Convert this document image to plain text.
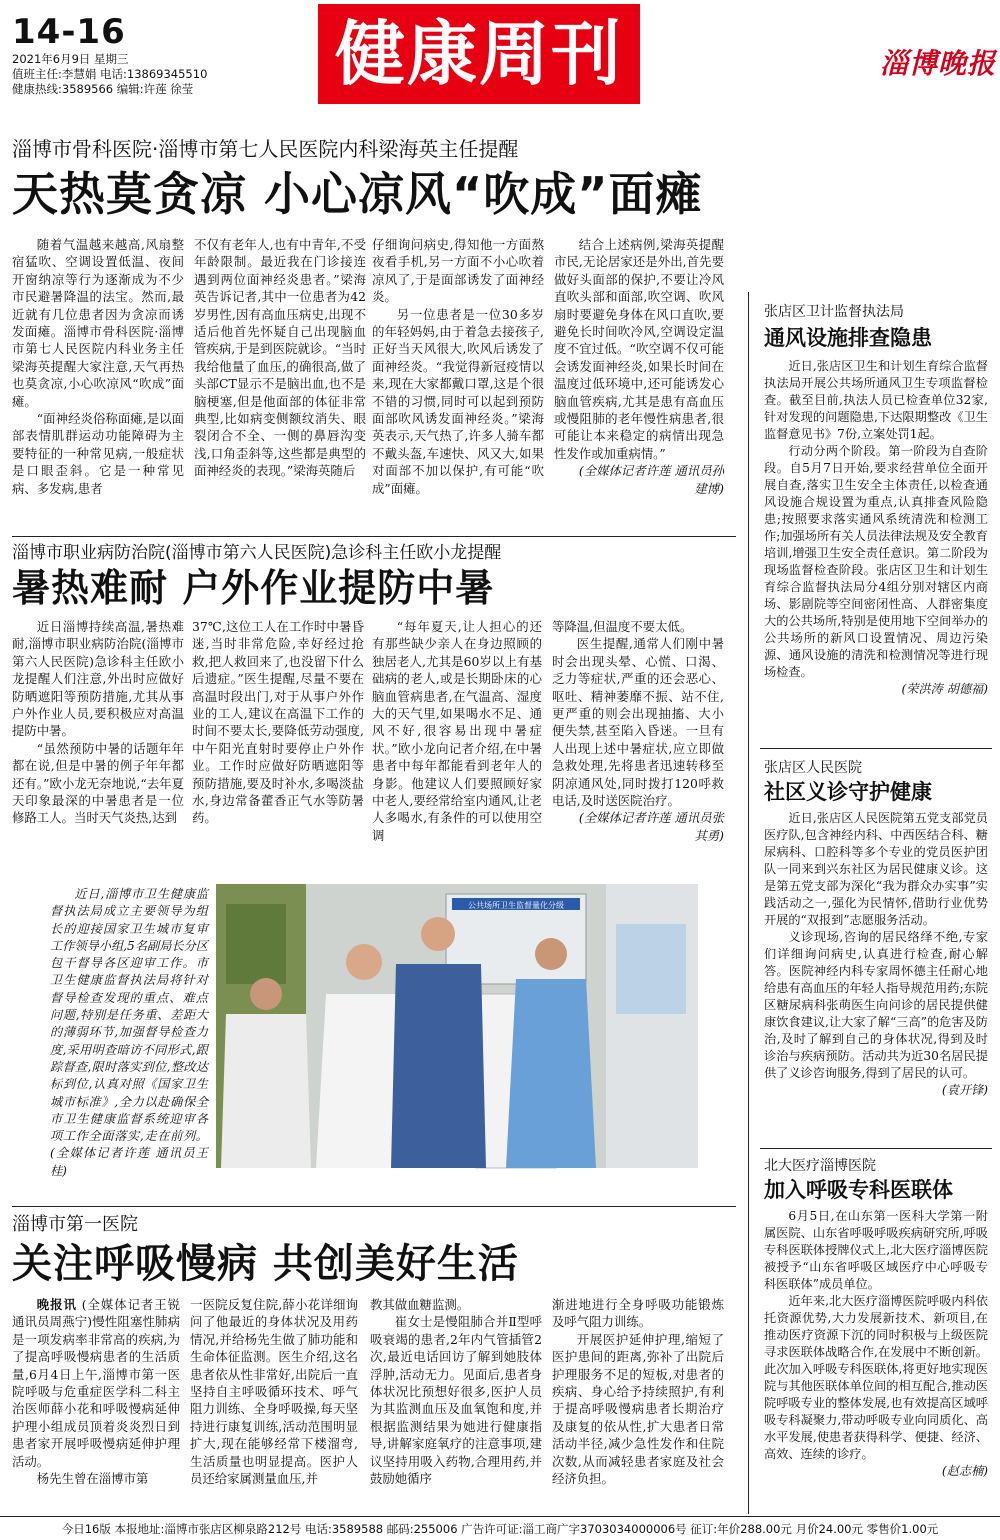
14-16
2021年6月9日 星期三
值班主任:李慧娟 电话:13869345510
健康热线:3589566 编辑:许莲 徐莹	健康周刊	淄博晚报
淄博市骨科医院·淄博市第七人民医院内科梁海英主任提醒
天热莫贪凉 小心凉风“吹成”面瘫

随着气温越来越高,风扇整宿猛吹、空调设置低温、夜间开窗纳凉等行为逐渐成为不少市民避暑降温的法宝。然而,最近就有几位患者因为贪凉而诱发面瘫。淄博市骨科医院·淄博市第七人民医院内科业务主任梁海英提醒大家注意,天气再热也莫贪凉,小心吹凉风“吹成”面瘫。

“面神经炎俗称面瘫,是以面部表情肌群运动功能障碍为主要特征的一种常见病,一般症状是口眼歪斜。它是一种常见病、多发病,患者

不仅有老年人,也有中青年,不受年龄限制。最近我在门诊接连遇到两位面神经炎患者。”梁海英告诉记者,其中一位患者为42岁男性,因有高血压病史,出现不适后他首先怀疑自己出现脑血管疾病,于是到医院就诊。“当时我给他量了血压,的确很高,做了头部CT显示不是脑出血,也不是脑梗塞,但是他面部的体征非常典型,比如病变侧额纹消失、眼裂闭合不全、一侧的鼻唇沟变浅,口角歪斜等,这些都是典型的面神经炎的表现。”梁海英随后

仔细询问病史,得知他一方面熬夜看手机,另一方面不小心吹着凉风了,于是面部诱发了面神经炎。

另一位患者是一位30多岁的年轻妈妈,由于着急去接孩子,正好当天风很大,吹风后诱发了面神经炎。“我觉得新冠疫情以来,现在大家都戴口罩,这是个很不错的习惯,同时可以起到预防面部吹风诱发面神经炎。”梁海英表示,天气热了,许多人骑车都不戴头盔,车速快、风又大,如果对面部不加以保护,有可能“吹成”面瘫。

结合上述病例,梁海英提醒市民,无论居家还是外出,首先要做好头面部的保护,不要让冷风直吹头部和面部,吹空调、吹风扇时要避免身体在风口直吹,要避免长时间吹冷风,空调设定温度不宜过低。“吹空调不仅可能会诱发面神经炎,如果长时间在温度过低环境中,还可能诱发心脑血管疾病,尤其是患有高血压或慢阻肺的老年慢性病患者,很可能让本来稳定的病情出现急性发作或加重病情。”

(全媒体记者许莲 通讯员孙建博)

淄博市职业病防治院(淄博市第六人民医院)急诊科主任欧小龙提醒
暑热难耐 户外作业提防中暑

近日淄博持续高温,暑热难耐,淄博市职业病防治院(淄博市第六人民医院)急诊科主任欧小龙提醒人们注意,外出时应做好防晒遮阳等预防措施,尤其从事户外作业人员,要积极应对高温提防中暑。

“虽然预防中暑的话题年年都在说,但是中暑的例子年年都还有。”欧小龙无奈地说,“去年夏天印象最深的中暑患者是一位修路工人。当时天气炎热,达到

37℃,这位工人在工作时中暑昏迷,当时非常危险,幸好经过抢救,把人救回来了,也没留下什么后遗症。”医生提醒,尽量不要在高温时段出门,对于从事户外作业的工人,建议在高温下工作的时间不要太长,要降低劳动强度,中午阳光直射时要停止户外作业。工作时应做好防晒遮阳等预防措施,要及时补水,多喝淡盐水,身边常备藿香正气水等防暑药。

“每年夏天,让人担心的还有那些缺少亲人在身边照顾的独居老人,尤其是60岁以上有基础病的老人,或是长期卧床的心脑血管病患者,在气温高、湿度大的天气里,如果喝水不足、通风不好,很容易出现中暑症状。”欧小龙向记者介绍,在中暑患者中每年都能看到老年人的身影。他建议人们要照顾好家中老人,要经常给室内通风,让老人多喝水,有条件的可以使用空调

等降温,但温度不要太低。

医生提醒,通常人们刚中暑时会出现头晕、心慌、口渴、乏力等症状,严重的还会恶心、呕吐、精神萎靡不振、站不住,更严重的则会出现抽搐、大小便失禁,甚至陷入昏迷。一旦有人出现上述中暑症状,应立即做急救处理,先将患者迅速转移至阴凉通风处,同时拨打120呼救电话,及时送医院治疗。

(全媒体记者许莲 通讯员张其勇)

近日,淄博市卫生健康监督执法局成立主要领导为组长的迎接国家卫生城市复审工作领导小组,5名副局长分区包干督导各区迎审工作。市卫生健康监督执法局将针对督导检查发现的重点、难点问题,特别是任务重、差距大的薄弱环节,加强督导检查力度,采用明查暗访不同形式,跟踪督查,限时落实到位,整改达标到位,认真对照《国家卫生城市标准》,全力以赴确保全市卫生健康监督系统迎审各项工作全面落实,走在前列。(全媒体记者许莲 通讯员王桂)

公共场所卫生监督量化分级
淄博市第一医院
关注呼吸慢病 共创美好生活

晚报讯 (全媒体记者王锐 通讯员周燕宁)慢性阻塞性肺病是一项发病率非常高的疾病,为了提高呼吸慢病患者的生活质量,6月4日上午,淄博市第一医院呼吸与危重症医学科二科主治医师薛小花和呼吸慢病延伸护理小组成员顶着炎炎烈日到患者家开展呼吸慢病延伸护理活动。

杨先生曾在淄博市第

一医院反复住院,薛小花详细询问了他最近的身体状况及用药情况,并给杨先生做了肺功能和生命体征监测。医生介绍,这名患者依从性非常好,出院后一直坚持自主呼吸循环技术、呼气阻力训练、全身呼吸操,每天坚持进行康复训练,活动范围明显扩大,现在能够经常下楼溜弯,生活质量也明显提高。医护人员还给家属测量血压,并

教其做血糖监测。

崔女士是慢阻肺合并Ⅱ型呼吸衰竭的患者,2年内气管插管2次,最近电话回访了解到她肢体浮肿,活动无力。见面后,患者身体状况比预想好很多,医护人员为其监测血压及血氧饱和度,并根据监测结果为她进行健康指导,讲解家庭氧疗的注意事项,建议坚持用吸入药物,合理用药,并鼓励她循序

渐进地进行全身呼吸功能锻炼及呼气阻力训练。

开展医护延伸护理,缩短了医护患间的距离,弥补了出院后护理服务不足的短板,对患者的疾病、身心给予持续照护,有利于提高呼吸慢病患者长期治疗及康复的依从性,扩大患者日常活动半径,减少急性发作和住院次数,从而减轻患者家庭及社会经济负担。

张店区卫计监督执法局
通风设施排查隐患

近日,张店区卫生和计划生育综合监督执法局开展公共场所通风卫生专项监督检查。截至目前,执法人员已检查单位32家,针对发现的问题隐患,下达限期整改《卫生监督意见书》7份,立案处罚1起。

行动分两个阶段。第一阶段为自查阶段。自5月7日开始,要求经营单位全面开展自查,落实卫生安全主体责任,以检查通风设施合规设置为重点,认真排查风险隐患;按照要求落实通风系统清洗和检测工作;加强场所有关人员法律法规及安全教育培训,增强卫生安全责任意识。第二阶段为现场监督检查阶段。张店区卫生和计划生育综合监督执法局分4组分别对辖区内商场、影剧院等空间密闭性高、人群密集度大的公共场所,特别是使用地下空间举办的公共场所的新风口设置情况、周边污染源、通风设施的清洗和检测情况等进行现场检查。

(荣洪涛 胡德福)

张店区人民医院
社区义诊守护健康

近日,张店区人民医院第五党支部党员医疗队,包含神经内科、中西医结合科、糖尿病科、口腔科等多个专业的党员医护团队一同来到兴东社区为居民健康义诊。这是第五党支部为深化“我为群众办实事”实践活动之一,强化为民情怀,借助行业优势开展的“双报到”志愿服务活动。

义诊现场,咨询的居民络绎不绝,专家们详细询问病史,认真进行检查,耐心解答。医院神经内科专家周怀德主任耐心地给患有高血压的年轻人指导规范用药;东院区糖尿病科张萌医生向问诊的居民提供健康饮食建议,让大家了解“三高”的危害及防治,及时了解到自己的身体状况,得到及时诊治与疾病预防。活动共为近30名居民提供了义诊咨询服务,得到了居民的认可。

(袁开锋)

北大医疗淄博医院
加入呼吸专科医联体

6月5日,在山东第一医科大学第一附属医院、山东省呼吸呼吸疾病研究所,呼吸专科医联体授牌仪式上,北大医疗淄博医院被授予“山东省呼吸区域医疗中心呼吸专科医联体”成员单位。

近年来,北大医疗淄博医院呼吸内科依托资源优势,大力发展新技术、新项目,在推动医疗资源下沉的同时积极与上级医院寻求医联体战略合作,在发展中不断创新。此次加入呼吸专科医联体,将更好地实现医院与其他医联体单位间的相互配合,推动医院呼吸专业的整体发展,也有效提高区域呼吸专科凝聚力,带动呼吸专业向同质化、高水平发展,使患者获得科学、便捷、经济、高效、连续的诊疗。

(赵志楠)

今日16版 本报地址:淄博市张店区柳泉路212号 电话:3589588 邮码:255006 广告许可证:淄工商广字3703034000006号 征订:年价288.00元 月价24.00元 零售价1.00元
